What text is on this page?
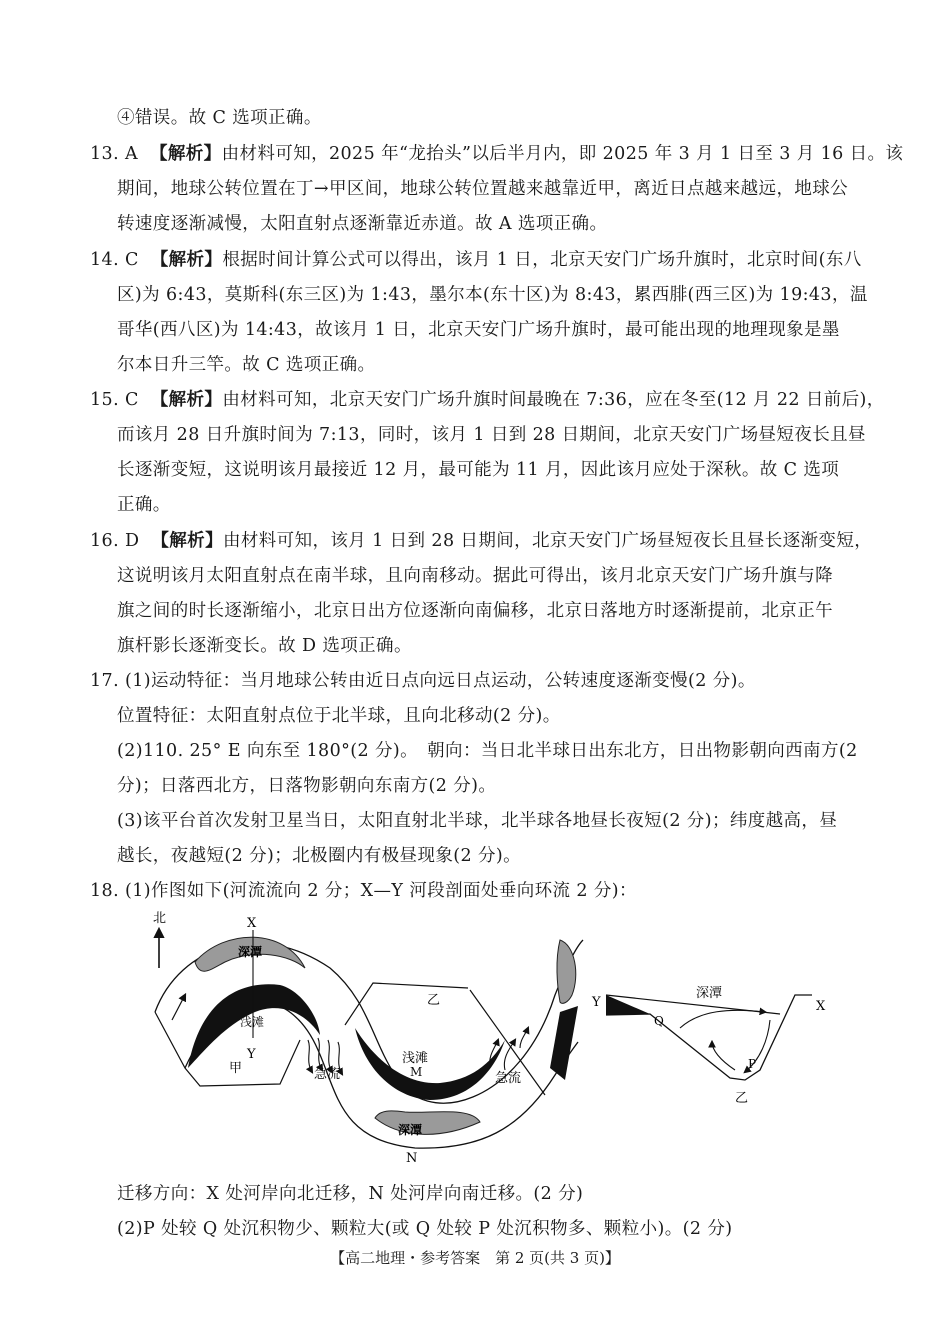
④错误。故 C 选项正确。
13. A 【解析】由材料可知，2025 年“龙抬头”以后半月内，即 2025 年 3 月 1 日至 3 月 16 日。该
期间，地球公转位置在丁→甲区间，地球公转位置越来越靠近甲，离近日点越来越远，地球公
转速度逐渐减慢，太阳直射点逐渐靠近赤道。故 A 选项正确。
14. C 【解析】根据时间计算公式可以得出，该月 1 日，北京天安门广场升旗时，北京时间(东八
区)为 6:43，莫斯科(东三区)为 1:43，墨尔本(东十区)为 8:43，累西腓(西三区)为 19:43，温
哥华(西八区)为 14:43，故该月 1 日，北京天安门广场升旗时，最可能出现的地理现象是墨
尔本日升三竿。故 C 选项正确。
15. C 【解析】由材料可知，北京天安门广场升旗时间最晚在 7:36，应在冬至(12 月 22 日前后)，
而该月 28 日升旗时间为 7:13，同时，该月 1 日到 28 日期间，北京天安门广场昼短夜长且昼
长逐渐变短，这说明该月最接近 12 月，最可能为 11 月，因此该月应处于深秋。故 C 选项
正确。
16. D 【解析】由材料可知，该月 1 日到 28 日期间，北京天安门广场昼短夜长且昼长逐渐变短，
这说明该月太阳直射点在南半球，且向南移动。据此可得出，该月北京天安门广场升旗与降
旗之间的时长逐渐缩小，北京日出方位逐渐向南偏移，北京日落地方时逐渐提前，北京正午
旗杆影长逐渐变长。故 D 选项正确。
17. (1)运动特征：当月地球公转由近日点向远日点运动，公转速度逐渐变慢(2 分)。
位置特征：太阳直射点位于北半球，且向北移动(2 分)。
(2)110. 25° E 向东至 180°(2 分)。　朝向：当日北半球日出东北方，日出物影朝向西南方(2
分)；日落西北方，日落物影朝向东南方(2 分)。
(3)该平台首次发射卫星当日，太阳直射北半球，北半球各地昼长夜短(2 分)；纬度越高，昼
越长，夜越短(2 分)；北极圈内有极昼现象(2 分)。
18. (1)作图如下(河流流向 2 分；X—Y 河段剖面处垂向环流 2 分)：
北	X
Y
深潭
浅滩
甲
乙
急流
浅滩
M	急流
深潭
N
Y
深潭
X
Q
P
乙
迁移方向：X 处河岸向北迁移，N 处河岸向南迁移。(2 分)
(2)P 处较 Q 处沉积物少、颗粒大(或 Q 处较 P 处沉积物多、颗粒小)。(2 分)
【高二地理・参考答案　第 2 页(共 3 页)】
